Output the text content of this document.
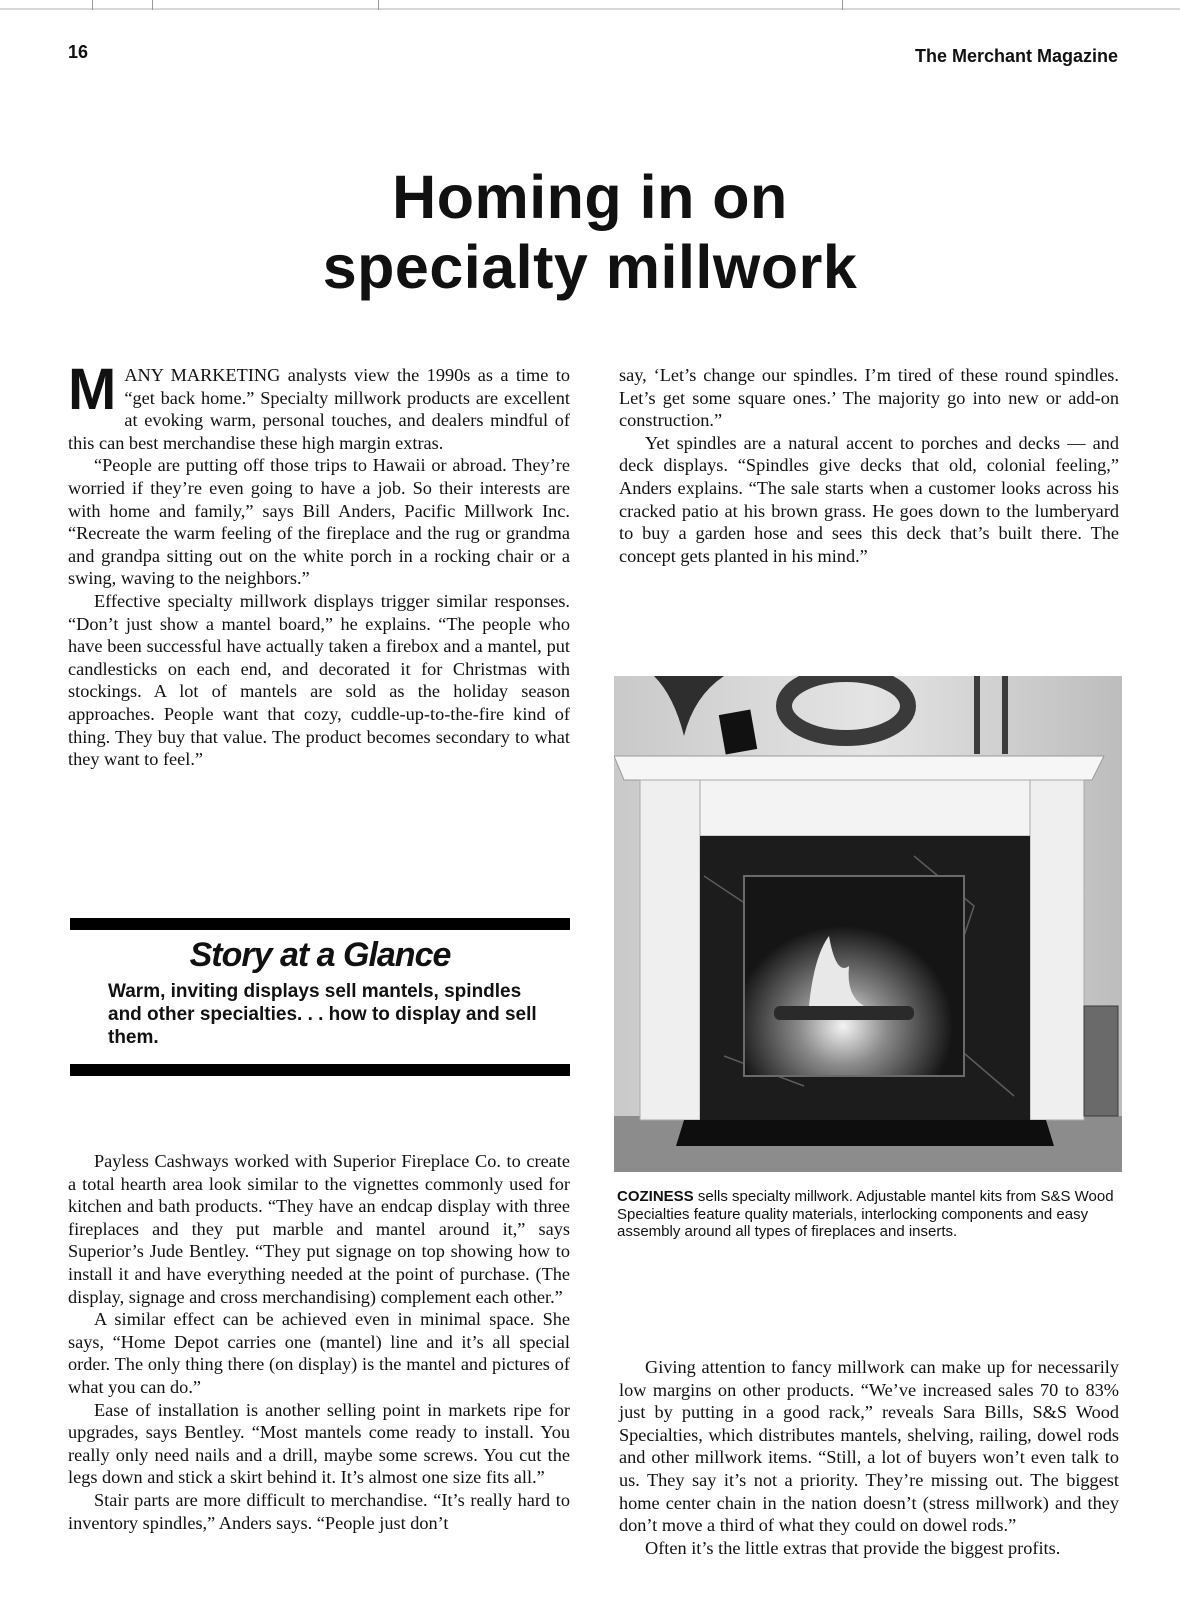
16	The Merchant Magazine
Homing in on
specialty millwork

MANY MARKETING analysts view the 1990s as a time to “get back home.” Specialty millwork products are excellent at evoking warm, personal touches, and dealers mindful of this can best merchandise these high margin extras.

“People are putting off those trips to Hawaii or abroad. They’re worried if they’re even going to have a job. So their interests are with home and family,” says Bill Anders, Pacific Millwork Inc. “Recreate the warm feeling of the fireplace and the rug or grandma and grandpa sitting out on the white porch in a rocking chair or a swing, waving to the neighbors.”

Effective specialty millwork displays trigger similar responses. “Don’t just show a mantel board,” he explains. “The people who have been successful have actually taken a firebox and a mantel, put candlesticks on each end, and decorated it for Christmas with stockings. A lot of mantels are sold as the holiday season approaches. People want that cozy, cuddle-up-to-the-fire kind of thing. They buy that value. The product becomes secondary to what they want to feel.”

say, ‘Let’s change our spindles. I’m tired of these round spindles. Let’s get some square ones.’ The majority go into new or add-on construction.”

Yet spindles are a natural accent to porches and decks — and deck displays. “Spindles give decks that old, colonial feeling,” Anders explains. “The sale starts when a customer looks across his cracked patio at his brown grass. He goes down to the lumberyard to buy a garden hose and sees this deck that’s built there. The concept gets planted in his mind.”

Story at a Glance
Warm, inviting displays sell mantels, spindles and other specialties. . . how to display and sell them.
COZINESS sells specialty millwork. Adjustable mantel kits from S&S Wood Specialties feature quality materials, interlocking components and easy assembly around all types of fireplaces and inserts.

Payless Cashways worked with Superior Fireplace Co. to create a total hearth area look similar to the vignettes commonly used for kitchen and bath products. “They have an endcap display with three fireplaces and they put marble and mantel around it,” says Superior’s Jude Bentley. “They put signage on top showing how to install it and have everything needed at the point of purchase. (The display, signage and cross merchandising) complement each other.”

A similar effect can be achieved even in minimal space. She says, “Home Depot carries one (mantel) line and it’s all special order. The only thing there (on display) is the mantel and pictures of what you can do.”

Ease of installation is another selling point in markets ripe for upgrades, says Bentley. “Most mantels come ready to install. You really only need nails and a drill, maybe some screws. You cut the legs down and stick a skirt behind it. It’s almost one size fits all.”

Stair parts are more difficult to merchandise. “It’s really hard to inventory spindles,” Anders says. “People just don’t

Giving attention to fancy millwork can make up for necessarily low margins on other products. “We’ve increased sales 70 to 83% just by putting in a good rack,” reveals Sara Bills, S&S Wood Specialties, which distributes mantels, shelving, railing, dowel rods and other millwork items. “Still, a lot of buyers won’t even talk to us. They say it’s not a priority. They’re missing out. The biggest home center chain in the nation doesn’t (stress millwork) and they don’t move a third of what they could on dowel rods.”

Often it’s the little extras that provide the biggest profits.
